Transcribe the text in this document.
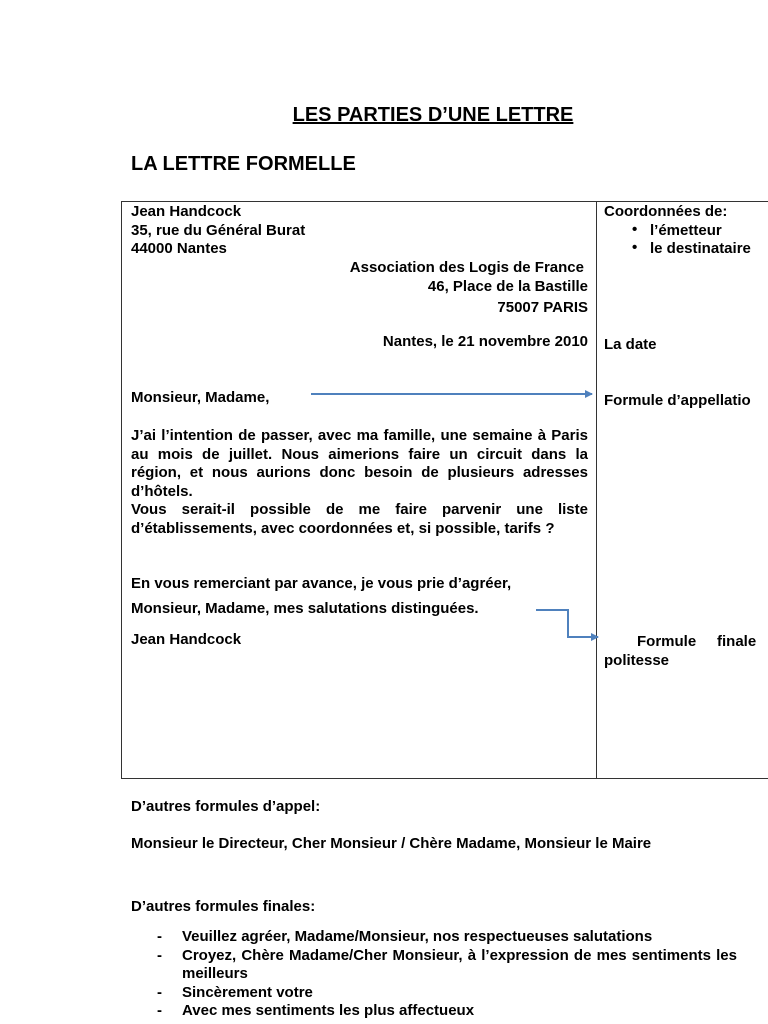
LES PARTIES D’UNE LETTRE
LA LETTRE FORMELLE
Jean Handcock
35, rue du Général Burat
44000 Nantes
Association des Logis de France
46, Place de la Bastille
75007 PARIS
Nantes, le 21 novembre 2010
Monsieur, Madame,
J’ai l’intention de passer, avec ma famille, une semaine à Paris au mois de juillet. Nous aimerions faire un circuit dans la région, et nous aurions donc besoin de plusieurs adresses d’hôtels.
Vous serait-il possible de me faire parvenir une liste d’établissements, avec coordonnées et, si possible, tarifs ?
En vous remerciant par avance, je vous prie d’agréer,
Monsieur, Madame, mes salutations distinguées.
Jean Handcock
Coordonnées de:
• l’émetteur
• le destinataire
La date
Formule d’appellatio
Formule     finale
politesse
D’autres formules d’appel:
Monsieur le Directeur, Cher Monsieur / Chère Madame, Monsieur le Maire
D’autres formules finales:
- Veuillez agréer, Madame/Monsieur, nos respectueuses salutations
- Croyez, Chère Madame/Cher Monsieur, à l’expression de mes sentiments les meilleurs
- Sincèrement votre
- Avec mes sentiments les plus affectueux
